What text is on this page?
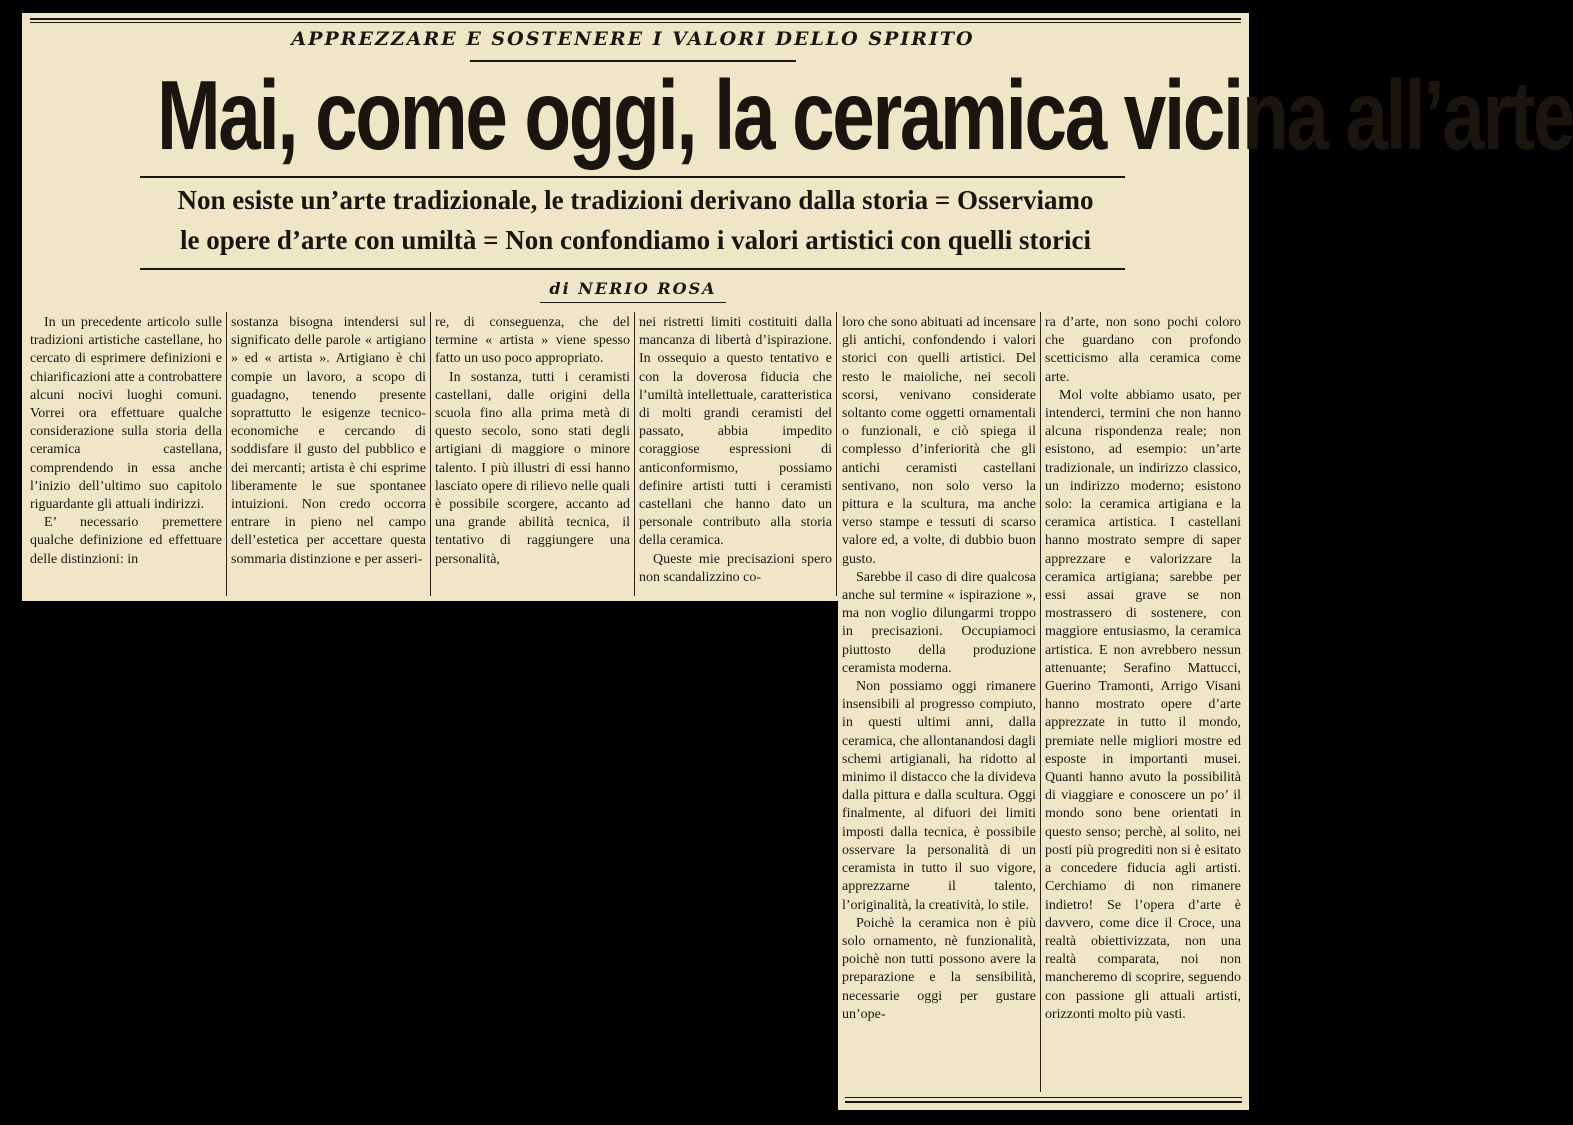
APPREZZARE E SOSTENERE I VALORI DELLO SPIRITO
Mai, come oggi, la ceramica vicina all’arte
Non esiste un’arte tradizionale, le tradizioni derivano dalla storia = Osserviamo
le opere d’arte con umiltà = Non confondiamo i valori artistici con quelli storici
di NERIO ROSA

In un precedente articolo sulle tradizioni artistiche castellane, ho cercato di esprimere definizioni e chiarificazioni atte a controbattere alcuni nocivi luoghi comuni. Vorrei ora effettuare qualche considerazione sulla storia della ceramica castellana, comprendendo in essa anche l’inizio dell’ultimo suo capitolo riguardante gli attuali indirizzi.

E’ necessario premettere qualche definizione ed effettuare delle distinzioni: in

sostanza bisogna intendersi sul significato delle parole « artigiano » ed « artista ». Artigiano è chi compie un lavoro, a scopo di guadagno, tenendo presente soprattutto le esigenze tecnico-economiche e cercando di soddisfare il gusto del pubblico e dei mercanti; artista è chi esprime liberamente le sue spontanee intuizioni. Non credo occorra entrare in pieno nel campo dell’estetica per accettare questa sommaria distinzione e per asseri-

re, di conseguenza, che del termine « artista » viene spesso fatto un uso poco appropriato.

In sostanza, tutti i ceramisti castellani, dalle origini della scuola fino alla prima metà di questo secolo, sono stati degli artigiani di maggiore o minore talento. I più illustri di essi hanno lasciato opere di rilievo nelle quali è possibile scorgere, accanto ad una grande abilità tecnica, il tentativo di raggiungere una personalità,

nei ristretti limiti costituiti dalla mancanza di libertà d’ispirazione. In ossequio a questo tentativo e con la doverosa fiducia che l’umiltà intellettuale, caratteristica di molti grandi ceramisti del passato, abbia impedito coraggiose espressioni di anticonformismo, possiamo definire artisti tutti i ceramisti castellani che hanno dato un personale contributo alla storia della ceramica.

Queste mie precisazioni spero non scandalizzino co-

loro che sono abituati ad incensare gli antichi, confondendo i valori storici con quelli artistici. Del resto le maioliche, nei secoli scorsi, venivano considerate soltanto come oggetti ornamentali o funzionali, e ciò spiega il complesso d’inferiorità che gli antichi ceramisti castellani sentivano, non solo verso la pittura e la scultura, ma anche verso stampe e tessuti di scarso valore ed, a volte, di dubbio buon gusto.

Sarebbe il caso di dire qualcosa anche sul termine « ispirazione », ma non voglio dilungarmi troppo in precisazioni. Occupiamoci piuttosto della produzione ceramista moderna.

Non possiamo oggi rimanere insensibili al progresso compiuto, in questi ultimi anni, dalla ceramica, che allontanandosi dagli schemi artigianali, ha ridotto al minimo il distacco che la divideva dalla pittura e dalla scultura. Oggi finalmente, al difuori dei limiti imposti dalla tecnica, è possibile osservare la personalità di un ceramista in tutto il suo vigore, apprezzarne il talento, l’originalità, la creatività, lo stile.

Poichè la ceramica non è più solo ornamento, nè funzionalità, poichè non tutti possono avere la preparazione e la sensibilità, necessarie oggi per gustare un’ope-

ra d’arte, non sono pochi coloro che guardano con profondo scetticismo alla ceramica come arte.

Mol volte abbiamo usato, per intenderci, termini che non hanno alcuna rispondenza reale; non esistono, ad esempio: un’arte tradizionale, un indirizzo classico, un indirizzo moderno; esistono solo: la ceramica artigiana e la ceramica artistica. I castellani hanno mostrato sempre di saper apprezzare e valorizzare la ceramica artigiana; sarebbe per essi assai grave se non mostrassero di sostenere, con maggiore entusiasmo, la ceramica artistica. E non avrebbero nessun attenuante; Serafino Mattucci, Guerino Tramonti, Arrigo Visani hanno mostrato opere d’arte apprezzate in tutto il mondo, premiate nelle migliori mostre ed esposte in importanti musei. Quanti hanno avuto la possibilità di viaggiare e conoscere un po’ il mondo sono bene orientati in questo senso; perchè, al solito, nei posti più progrediti non si è esitato a concedere fiducia agli artisti. Cerchiamo di non rimanere indietro! Se l’opera d’arte è davvero, come dice il Croce, una realtà obiettivizzata, non una realtà comparata, noi non mancheremo di scoprire, seguendo con passione gli attuali artisti, orizzonti molto più vasti.
